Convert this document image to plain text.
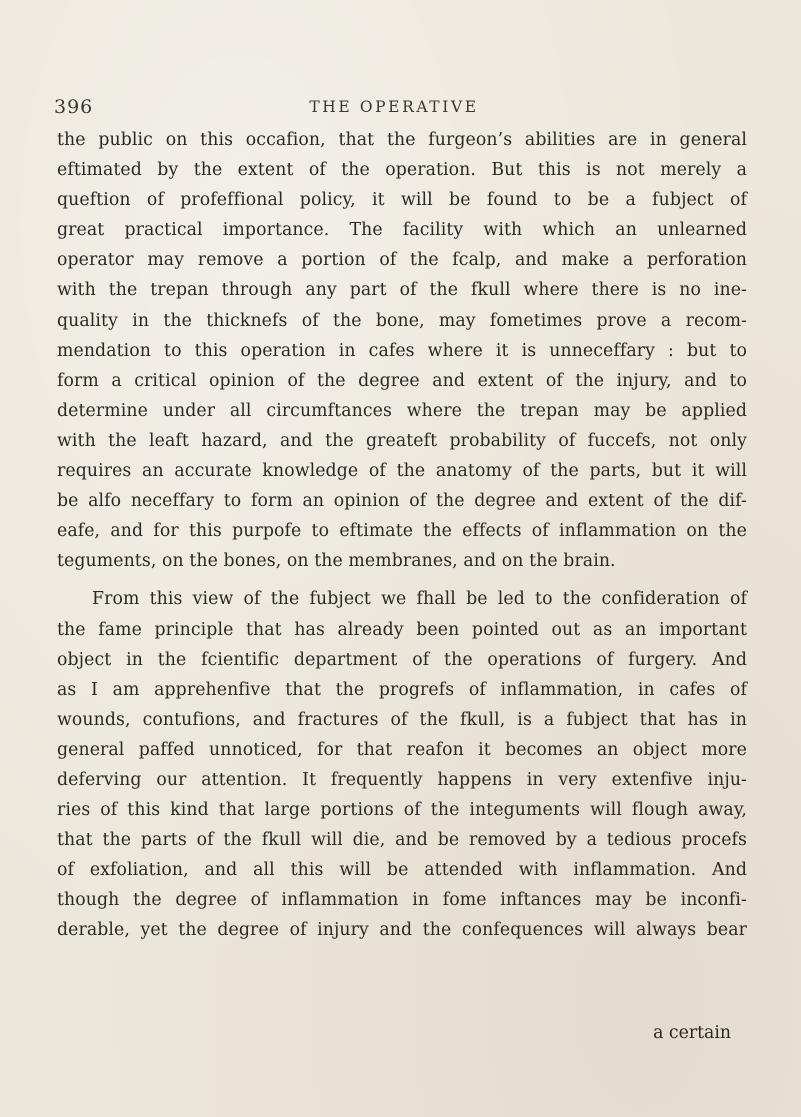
396	THE OPERATIVE
the public on this occafion, that the furgeon’s abilities are in general
eftimated by the extent of the operation. But this is not merely a
queftion of profeffional policy, it will be found to be a fubject of
great practical importance. The facility with which an unlearned
operator may remove a portion of the fcalp, and make a perforation
with the trepan through any part of the fkull where there is no ine-
quality in the thicknefs of the bone, may fometimes prove a recom-
mendation to this operation in cafes where it is unneceffary : but to
form a critical opinion of the degree and extent of the injury, and to
determine under all circumftances where the trepan may be applied
with the leaft hazard, and the greateft probability of fuccefs, not only
requires an accurate knowledge of the anatomy of the parts, but it will
be alfo neceffary to form an opinion of the degree and extent of the dif-
eafe, and for this purpofe to eftimate the effects of inflammation on the
teguments, on the bones, on the membranes, and on the brain.
From this view of the fubject we fhall be led to the confideration of
the fame principle that has already been pointed out as an important
object in the fcientific department of the operations of furgery. And
as I am apprehenfive that the progrefs of inflammation, in cafes of
wounds, contufions, and fractures of the fkull, is a fubject that has in
general paffed unnoticed, for that reafon it becomes an object more
deferving our attention. It frequently happens in very extenfive inju-
ries of this kind that large portions of the integuments will flough away,
that the parts of the fkull will die, and be removed by a tedious procefs
of exfoliation, and all this will be attended with inflammation. And
though the degree of inflammation in fome inftances may be inconfi-
derable, yet the degree of injury and the confequences will always bear
a certain
